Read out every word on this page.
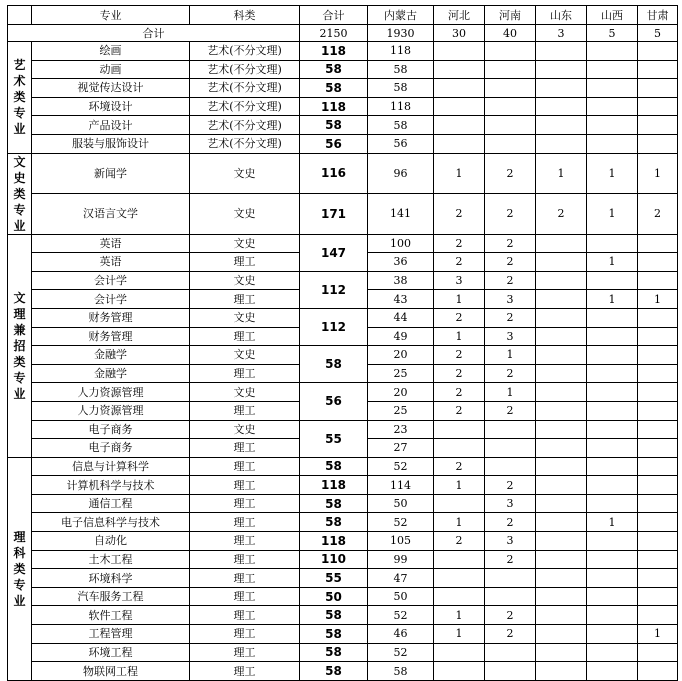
	专业	科类	合计	内蒙古	河北	河南	山东	山西	甘肃
合计			2150	1930	30	40	3	5	5
艺术类专业	绘画	艺术(不分文理)	118	118					
	动画	艺术(不分文理)	58	58					
	视觉传达设计	艺术(不分文理)	58	58					
	环境设计	艺术(不分文理)	118	118					
	产品设计	艺术(不分文理)	58	58					
	服装与服饰设计	艺术(不分文理)	56	56					
文史类专业	新闻学	文史	116	96	1	2	1	1	1
	汉语言文学	文史	171	141	2	2	2	1	2
文理兼招类专业	英语	文史	147	100	2	2			
	英语	理工		36	2	2		1	
	会计学	文史	112	38	3	2			
	会计学	理工		43	1	3		1	1
	财务管理	文史	112	44	2	2			
	财务管理	理工		49	1	3			
	金融学	文史	58	20	2	1			
	金融学	理工		25	2	2			
	人力资源管理	文史	56	20	2	1			
	人力资源管理	理工		25	2	2			
	电子商务	文史	55	23					
	电子商务	理工		27					
理科类专业	信息与计算科学	理工	58	52	2				
	计算机科学与技术	理工	118	114	1	2			
	通信工程	理工	58	50		3			
	电子信息科学与技术	理工	58	52	1	2		1	
	自动化	理工	118	105	2	3			
	土木工程	理工	110	99		2			
	环境科学	理工	55	47					
	汽车服务工程	理工	50	50					
	软件工程	理工	58	52	1	2			
	工程管理	理工	58	46	1	2			1
	环境工程	理工	58	52					
	物联网工程	理工	58	58					
